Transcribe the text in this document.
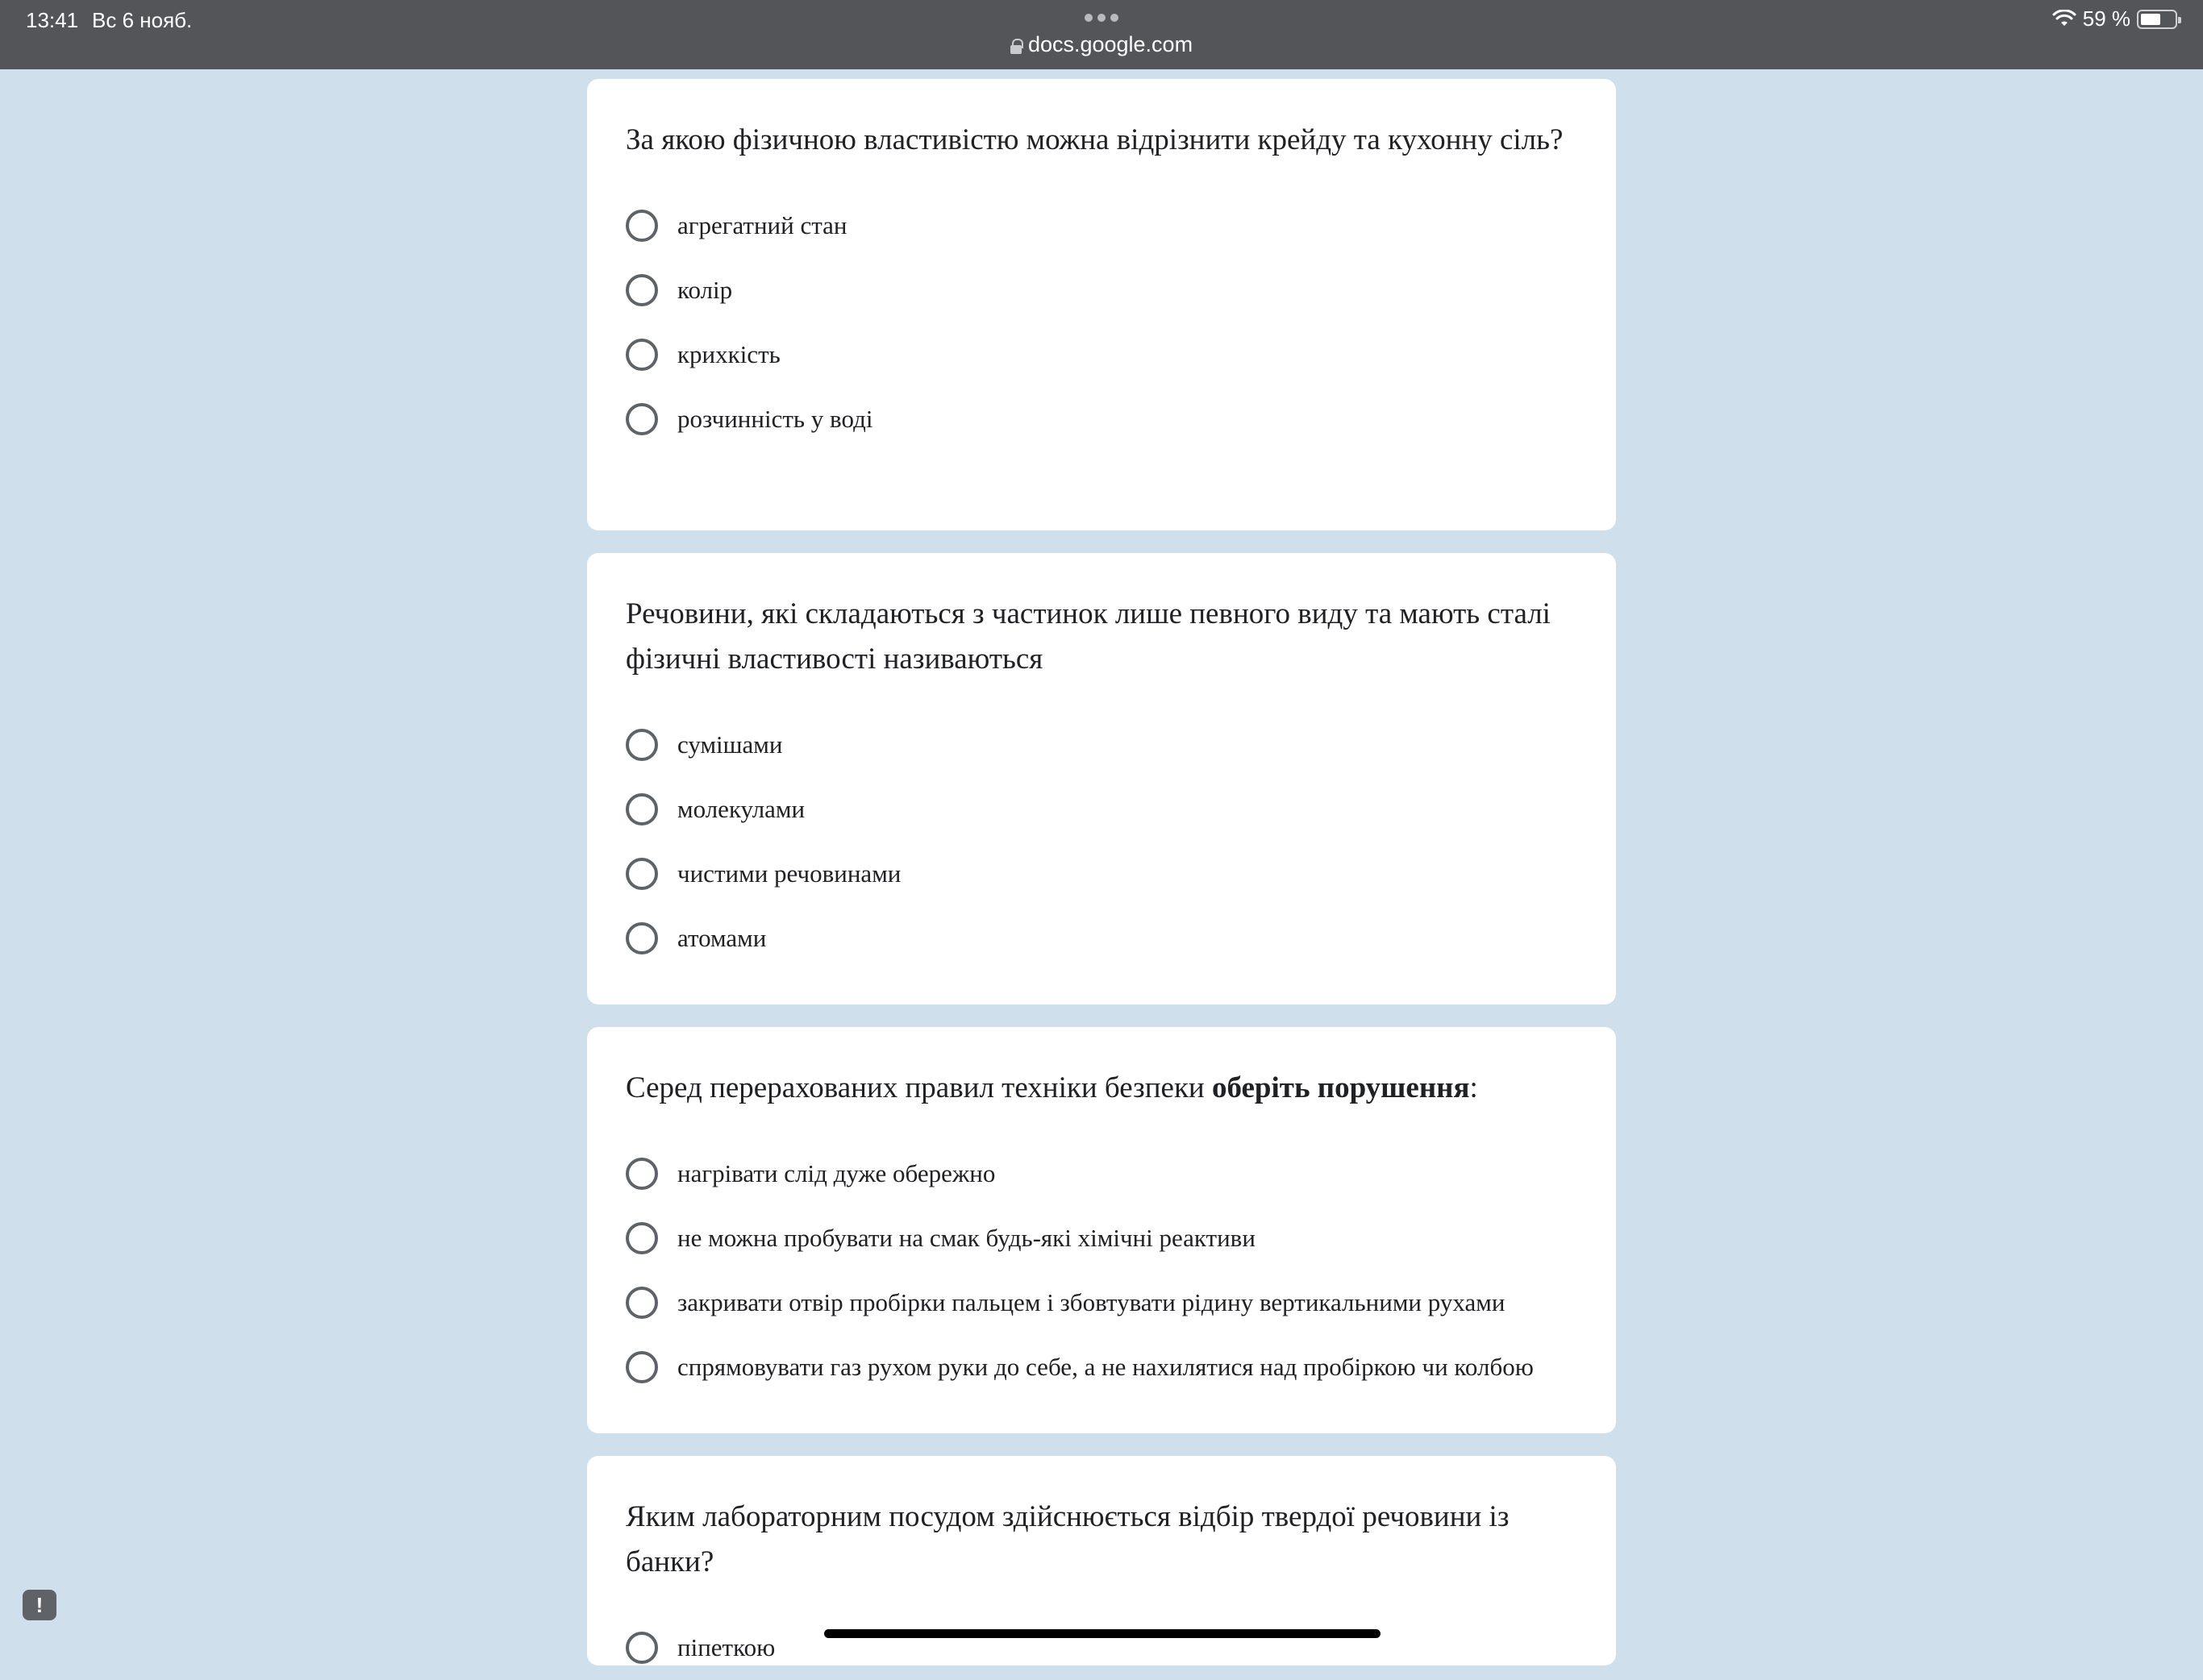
13:41 Вс 6 нояб.
docs.google.com
59 %
За якою фізичною властивістю можна відрізнити крейду та кухонну сіль?
агрегатний стан
колір
крихкість
розчинність у воді
Речовини, які складаються з частинок лише певного виду та мають сталі фізичні властивості називаються
сумішами
молекулами
чистими речовинами
атомами
Серед перерахованих правил техніки безпеки оберіть порушення:
нагрівати слід дуже обережно
не можна пробувати на смак будь-які хімічні реактиви
закривати отвір пробірки пальцем і збовтувати рідину вертикальними рухами
спрямовувати газ рухом руки до себе, а не нахилятися над пробіркою чи колбою
Яким лабораторним посудом здійснюється відбір твердої речовини із банки?
піпеткою
!
